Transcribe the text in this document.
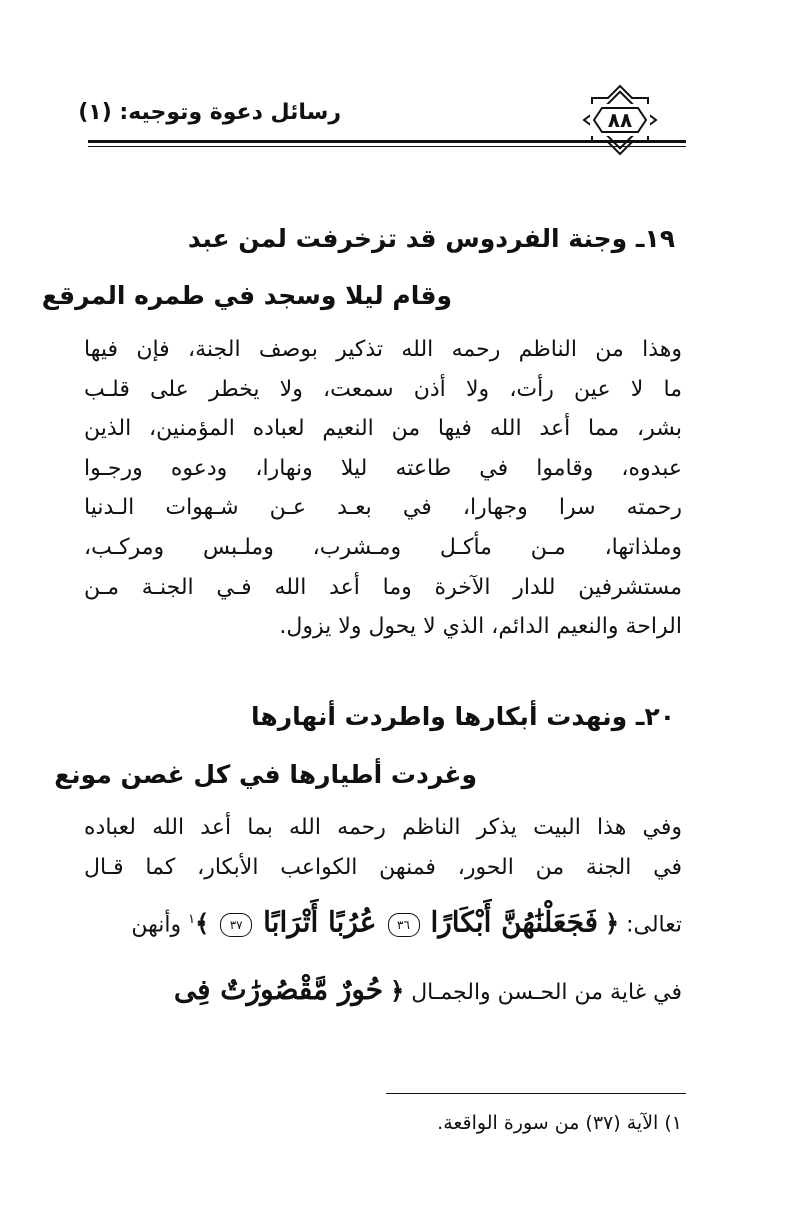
رسائل دعوة وتوجيه: (١)	٨٨
١٩ـ وجنة الفردوس قد تزخرفت لمن عبد
وقام ليلا وسجد في طمره المرقع
وهذا من الناظم رحمه الله تذكير بوصف الجنة، فإن فيها
ما لا عين رأت، ولا أذن سمعت، ولا يخطر على قلـب
بشر، مما أعد الله فيها من النعيم لعباده المؤمنين، الذين
عبدوه، وقاموا في طاعته ليلا ونهارا، ودعوه ورجـوا
رحمته سرا وجهارا، في بعـد عـن شـهوات الـدنيا
وملذاتها، مـن مأكـل ومـشرب، وملـبس ومركـب،
مستشرفين للدار الآخرة وما أعد الله فـي الجنـة مـن
الراحة والنعيم الدائم، الذي لا يحول ولا يزول.
٢٠ـ ونهدت أبكارها واطردت أنهارها
وغردت أطيارها في كل غصن مونع
وفي هذا البيت يذكر الناظم رحمه الله بما أعد الله لعباده
في الجنة من الحور، فمنهن الكواعب الأبكار، كما قـال
تعالى: ﴿ فَجَعَلْنَٰهُنَّ أَبْكَارًا ٣٦ عُرُبًا أَتْرَابًا ٣٧ ﴾$^١$ وأنهن
في غاية من الحـسن والجمـال ﴿ حُورٌ مَّقْصُورَٰتٌ فِى
١) الآية (٣٧) من سورة الواقعة.
